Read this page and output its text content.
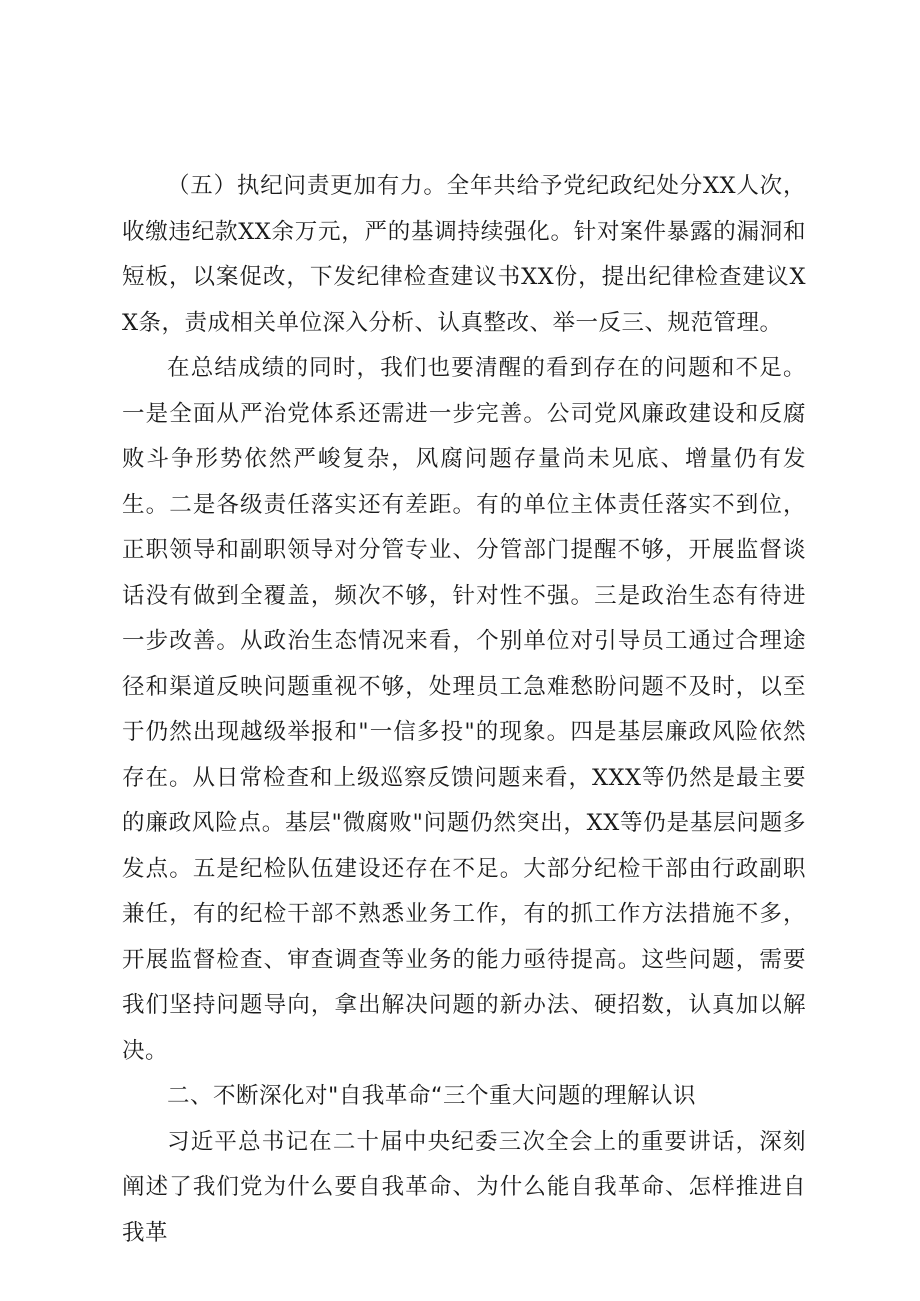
（五）执纪问责更加有力。全年共给予党纪政纪处分XX人次，收缴违纪款XX余万元，严的基调持续强化。针对案件暴露的漏洞和短板，以案促改，下发纪律检查建议书XX份，提出纪律检查建议XX条，责成相关单位深入分析、认真整改、举一反三、规范管理。

在总结成绩的同时，我们也要清醒的看到存在的问题和不足。一是全面从严治党体系还需进一步完善。公司党风廉政建设和反腐败斗争形势依然严峻复杂，风腐问题存量尚未见底、增量仍有发生。二是各级责任落实还有差距。有的单位主体责任落实不到位，正职领导和副职领导对分管专业、分管部门提醒不够，开展监督谈话没有做到全覆盖，频次不够，针对性不强。三是政治生态有待进一步改善。从政治生态情况来看，个别单位对引导员工通过合理途径和渠道反映问题重视不够，处理员工急难愁盼问题不及时，以至于仍然出现越级举报和"一信多投"的现象。四是基层廉政风险依然存在。从日常检查和上级巡察反馈问题来看，XXX等仍然是最主要的廉政风险点。基层"微腐败"问题仍然突出，XX等仍是基层问题多发点。五是纪检队伍建设还存在不足。大部分纪检干部由行政副职兼任，有的纪检干部不熟悉业务工作，有的抓工作方法措施不多，开展监督检查、审查调查等业务的能力亟待提高。这些问题，需要我们坚持问题导向，拿出解决问题的新办法、硬招数，认真加以解决。

二、不断深化对"自我革命“三个重大问题的理解认识

习近平总书记在二十届中央纪委三次全会上的重要讲话，深刻阐述了我们党为什么要自我革命、为什么能自我革命、怎样推进自我革
